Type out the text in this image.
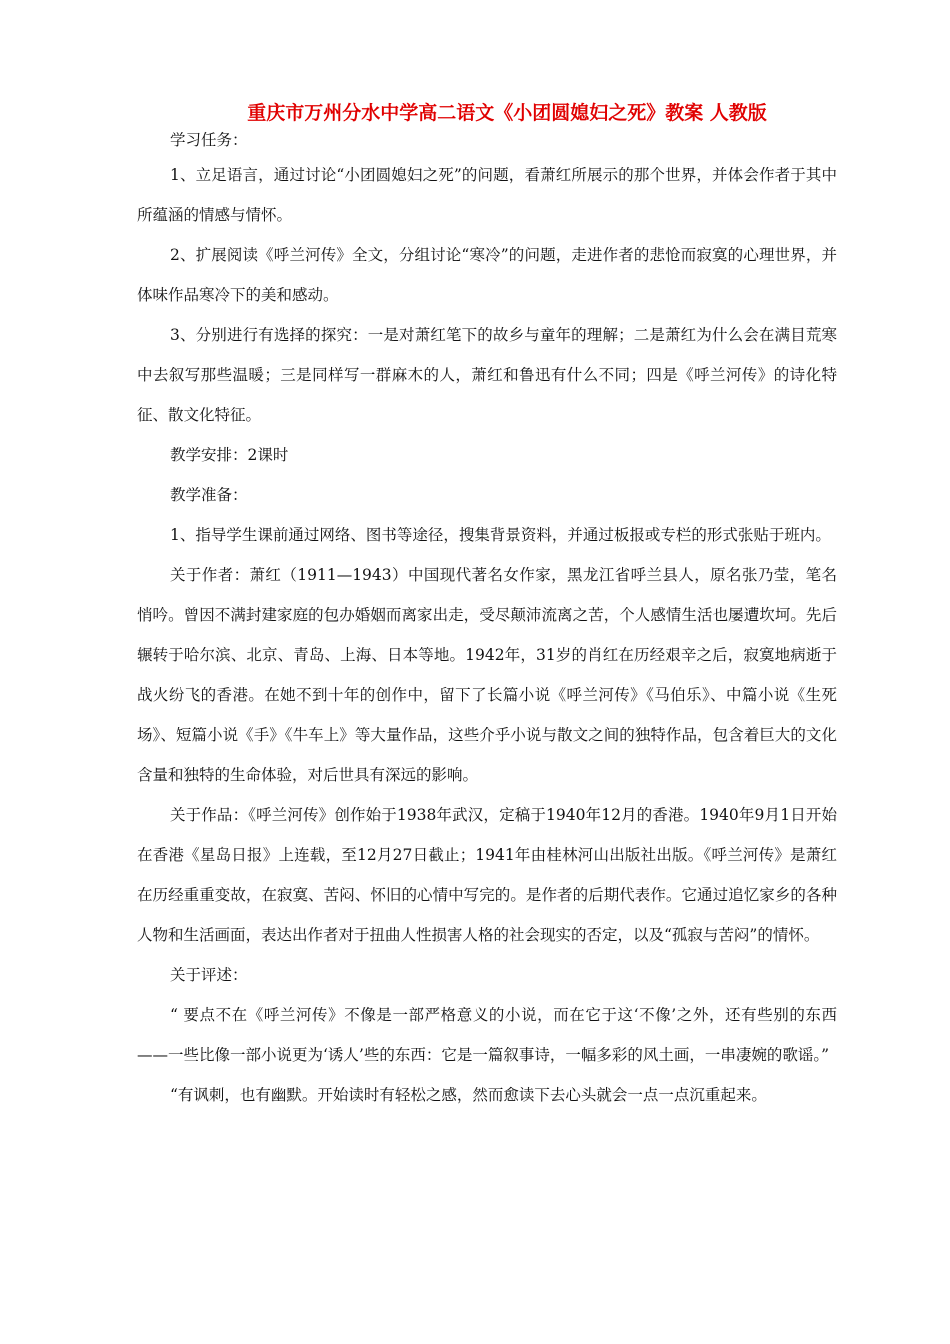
重庆市万州分水中学高二语文《小团圆媳妇之死》教案 人教版

学习任务：

1、立足语言，通过讨论“小团圆媳妇之死”的问题，看萧红所展示的那个世界，并体会作者于其中所蕴涵的情感与情怀。

2、扩展阅读《呼兰河传》全文，分组讨论“寒冷”的问题，走进作者的悲怆而寂寞的心理世界，并体味作品寒冷下的美和感动。

3、分别进行有选择的探究：一是对萧红笔下的故乡与童年的理解；二是萧红为什么会在满目荒寒中去叙写那些温暖；三是同样写一群麻木的人，萧红和鲁迅有什么不同；四是《呼兰河传》的诗化特征、散文化特征。

教学安排：2课时

教学准备：

1、指导学生课前通过网络、图书等途径，搜集背景资料，并通过板报或专栏的形式张贴于班内。

关于作者：萧红（1911—1943）中国现代著名女作家，黑龙江省呼兰县人，原名张乃莹，笔名悄吟。曾因不满封建家庭的包办婚姻而离家出走，受尽颠沛流离之苦，个人感情生活也屡遭坎坷。先后辗转于哈尔滨、北京、青岛、上海、日本等地。1942年，31岁的肖红在历经艰辛之后，寂寞地病逝于战火纷飞的香港。在她不到十年的创作中，留下了长篇小说《呼兰河传》《马伯乐》、中篇小说《生死场》、短篇小说《手》《牛车上》等大量作品，这些介乎小说与散文之间的独特作品，包含着巨大的文化含量和独特的生命体验，对后世具有深远的影响。

关于作品：《呼兰河传》创作始于1938年武汉，定稿于1940年12月的香港。1940年9月1日开始在香港《星岛日报》上连载，至12月27日截止；1941年由桂林河山出版社出版。《呼兰河传》是萧红在历经重重变故，在寂寞、苦闷、怀旧的心情中写完的。是作者的后期代表作。它通过追忆家乡的各种人物和生活画面，表达出作者对于扭曲人性损害人格的社会现实的否定，以及“孤寂与苦闷”的情怀。

关于评述：

“ 要点不在《呼兰河传》不像是一部严格意义的小说，而在它于这‘不像’之外，还有些别的东西——一些比像一部小说更为‘诱人’些的东西：它是一篇叙事诗，一幅多彩的风土画，一串凄婉的歌谣。”

“有讽刺，也有幽默。开始读时有轻松之感，然而愈读下去心头就会一点一点沉重起来。
